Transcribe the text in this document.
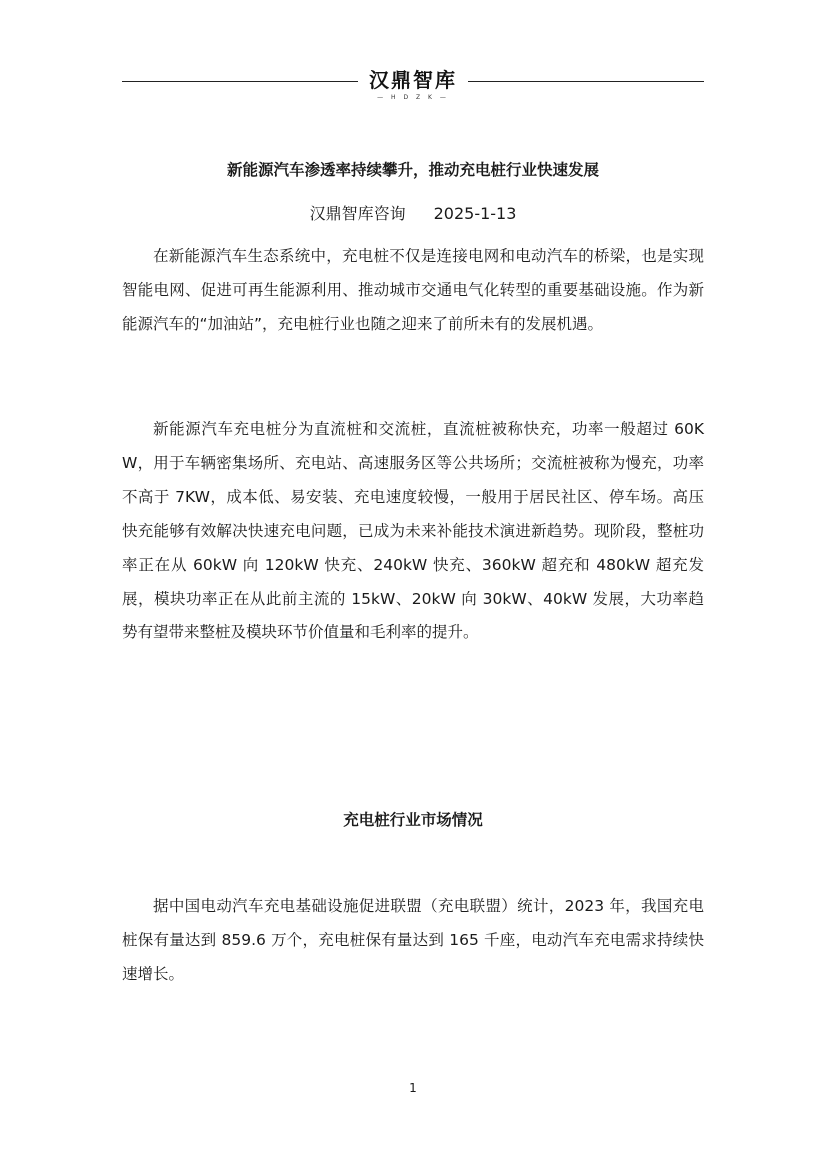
汉鼎智库
— H D Z K —
新能源汽车渗透率持续攀升，推动充电桩行业快速发展
汉鼎智库咨询 2025-1-13

在新能源汽车生态系统中，充电桩不仅是连接电网和电动汽车的桥梁，也是实现智能电网、促进可再生能源利用、推动城市交通电气化转型的重要基础设施。作为新能源汽车的“加油站”，充电桩行业也随之迎来了前所未有的发展机遇。

新能源汽车充电桩分为直流桩和交流桩，直流桩被称快充，功率一般超过 60KW，用于车辆密集场所、充电站、高速服务区等公共场所；交流桩被称为慢充，功率不高于 7KW，成本低、易安装、充电速度较慢，一般用于居民社区、停车场。高压快充能够有效解决快速充电问题，已成为未来补能技术演进新趋势。现阶段，整桩功率正在从 60kW 向 120kW 快充、240kW 快充、360kW 超充和 480kW 超充发展，模块功率正在从此前主流的 15kW、20kW 向 30kW、40kW 发展，大功率趋势有望带来整桩及模块环节价值量和毛利率的提升。

充电桩行业市场情况

据中国电动汽车充电基础设施促进联盟（充电联盟）统计，2023 年，我国充电桩保有量达到 859.6 万个，充电桩保有量达到 165 千座，电动汽车充电需求持续快速增长。

1
